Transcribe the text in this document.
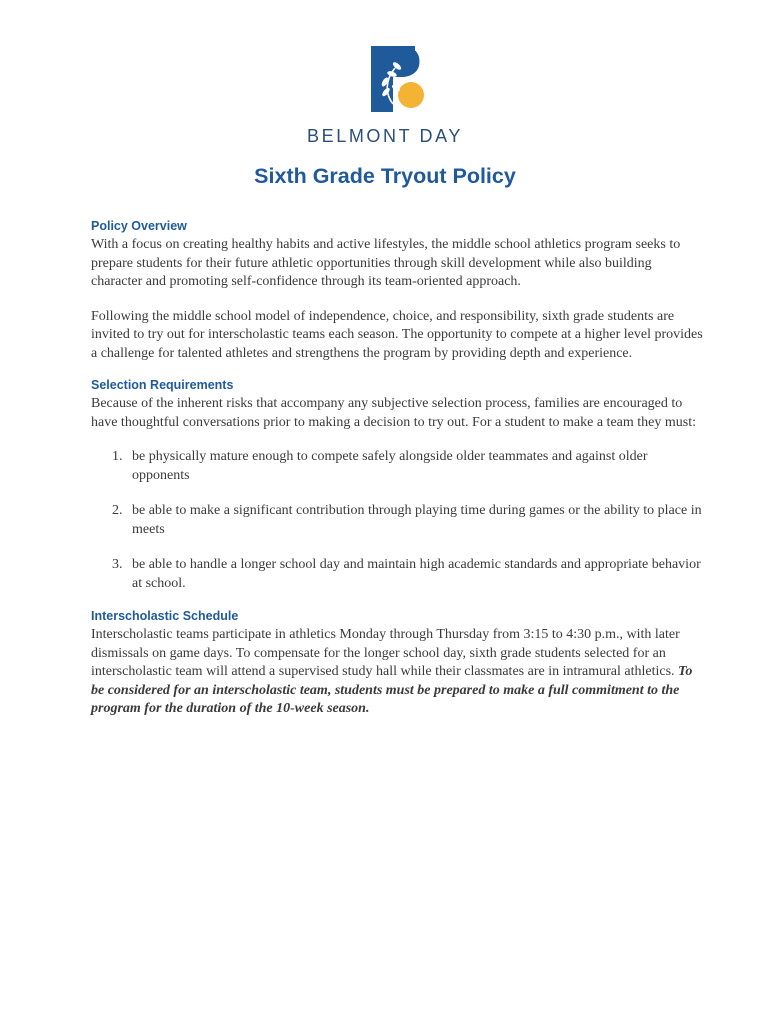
BELMONT DAY
Sixth Grade Tryout Policy
Policy Overview

With a focus on creating healthy habits and active lifestyles, the middle school athletics program seeks to prepare students for their future athletic opportunities through skill development while also building character and promoting self-confidence through its team-oriented approach.

Following the middle school model of independence, choice, and responsibility, sixth grade students are invited to try out for interscholastic teams each season. The opportunity to compete at a higher level provides a challenge for talented athletes and strengthens the program by providing depth and experience.

Selection Requirements

Because of the inherent risks that accompany any subjective selection process, families are encouraged to have thoughtful conversations prior to making a decision to try out. For a student to make a team they must:

1. be physically mature enough to compete safely alongside older teammates and against older opponents
2. be able to make a significant contribution through playing time during games or the ability to place in meets
3. be able to handle a longer school day and maintain high academic standards and appropriate behavior at school.
Interscholastic Schedule

Interscholastic teams participate in athletics Monday through Thursday from 3:15 to 4:30 p.m., with later dismissals on game days. To compensate for the longer school day, sixth grade students selected for an interscholastic team will attend a supervised study hall while their classmates are in intramural athletics. To be considered for an interscholastic team, students must be prepared to make a full commitment to the program for the duration of the 10-week season.
